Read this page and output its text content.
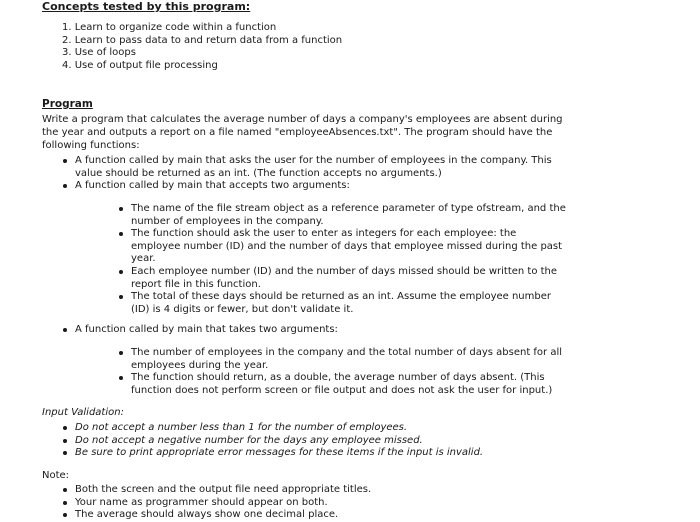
Concepts tested by this program:
1. Learn to organize code within a function
2. Learn to pass data to and return data from a function
3. Use of loops
4. Use of output file processing
Program

Write a program that calculates the average number of days a company's employees are absent during
the year and outputs a report on a file named "employeeAbsences.txt". The program should have the
following functions:

A function called by main that asks the user for the number of employees in the company. This
value should be returned as an int. (The function accepts no arguments.)
A function called by main that accepts two arguments:
The name of the file stream object as a reference parameter of type ofstream, and the
number of employees in the company.
The function should ask the user to enter as integers for each employee: the
employee number (ID) and the number of days that employee missed during the past
year.
Each employee number (ID) and the number of days missed should be written to the
report file in this function.
The total of these days should be returned as an int. Assume the employee number
(ID) is 4 digits or fewer, but don't validate it.
A function called by main that takes two arguments:
The number of employees in the company and the total number of days absent for all
employees during the year.
The function should return, as a double, the average number of days absent. (This
function does not perform screen or file output and does not ask the user for input.)
Input Validation:
Do not accept a number less than 1 for the number of employees.
Do not accept a negative number for the days any employee missed.
Be sure to print appropriate error messages for these items if the input is invalid.
Note:
Both the screen and the output file need appropriate titles.
Your name as programmer should appear on both.
The average should always show one decimal place.
